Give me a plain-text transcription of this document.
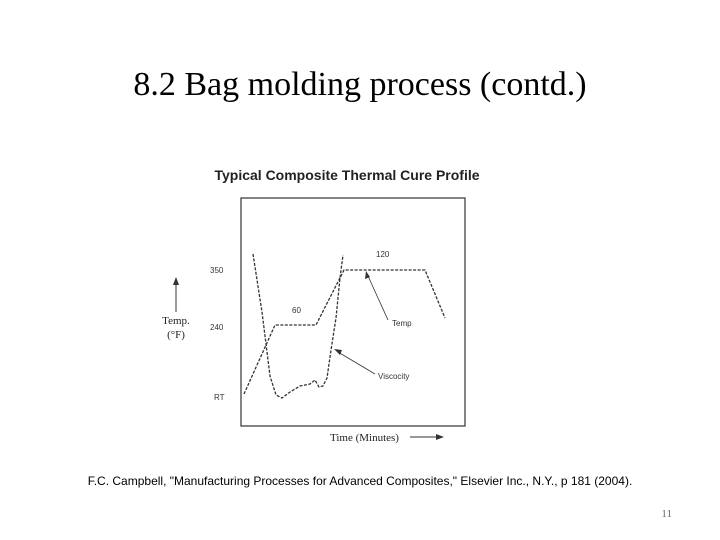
8.2 Bag molding process (contd.)
Typical Composite Thermal Cure Profile
350
240
RT
Temp.
(°F)
Time (Minutes)
60
120
Temp
Viscocity
F.C. Campbell, "Manufacturing Processes for Advanced Composites," Elsevier Inc., N.Y., p 181 (2004).
11
